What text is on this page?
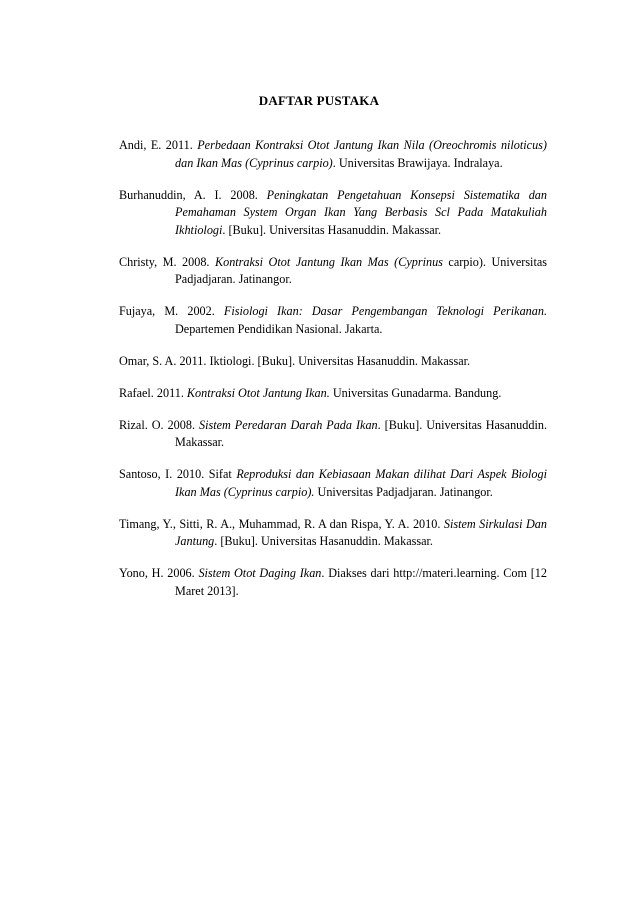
DAFTAR PUSTAKA

Andi, E. 2011. Perbedaan Kontraksi Otot Jantung Ikan Nila (Oreochromis niloticus) dan Ikan Mas (Cyprinus carpio). Universitas Brawijaya. Indralaya.

Burhanuddin, A. I. 2008. Peningkatan Pengetahuan Konsepsi Sistematika dan Pemahaman System Organ Ikan Yang Berbasis Scl Pada Matakuliah Ikhtiologi. [Buku]. Universitas Hasanuddin. Makassar.

Christy, M. 2008. Kontraksi Otot Jantung Ikan Mas (Cyprinus carpio). Universitas Padjadjaran. Jatinangor.

Fujaya, M. 2002. Fisiologi Ikan: Dasar Pengembangan Teknologi Perikanan. Departemen Pendidikan Nasional. Jakarta.

Omar, S. A. 2011. Iktiologi. [Buku]. Universitas Hasanuddin. Makassar.

Rafael. 2011. Kontraksi Otot Jantung Ikan. Universitas Gunadarma. Bandung.

Rizal. O. 2008. Sistem Peredaran Darah Pada Ikan. [Buku]. Universitas Hasanuddin. Makassar.

Santoso, I. 2010. Sifat Reproduksi dan Kebiasaan Makan dilihat Dari Aspek Biologi Ikan Mas (Cyprinus carpio). Universitas Padjadjaran. Jatinangor.

Timang, Y., Sitti, R. A., Muhammad, R. A dan Rispa, Y. A. 2010. Sistem Sirkulasi Dan Jantung. [Buku]. Universitas Hasanuddin. Makassar.

Yono, H. 2006. Sistem Otot Daging Ikan. Diakses dari http://materi.learning. Com [12 Maret 2013].
